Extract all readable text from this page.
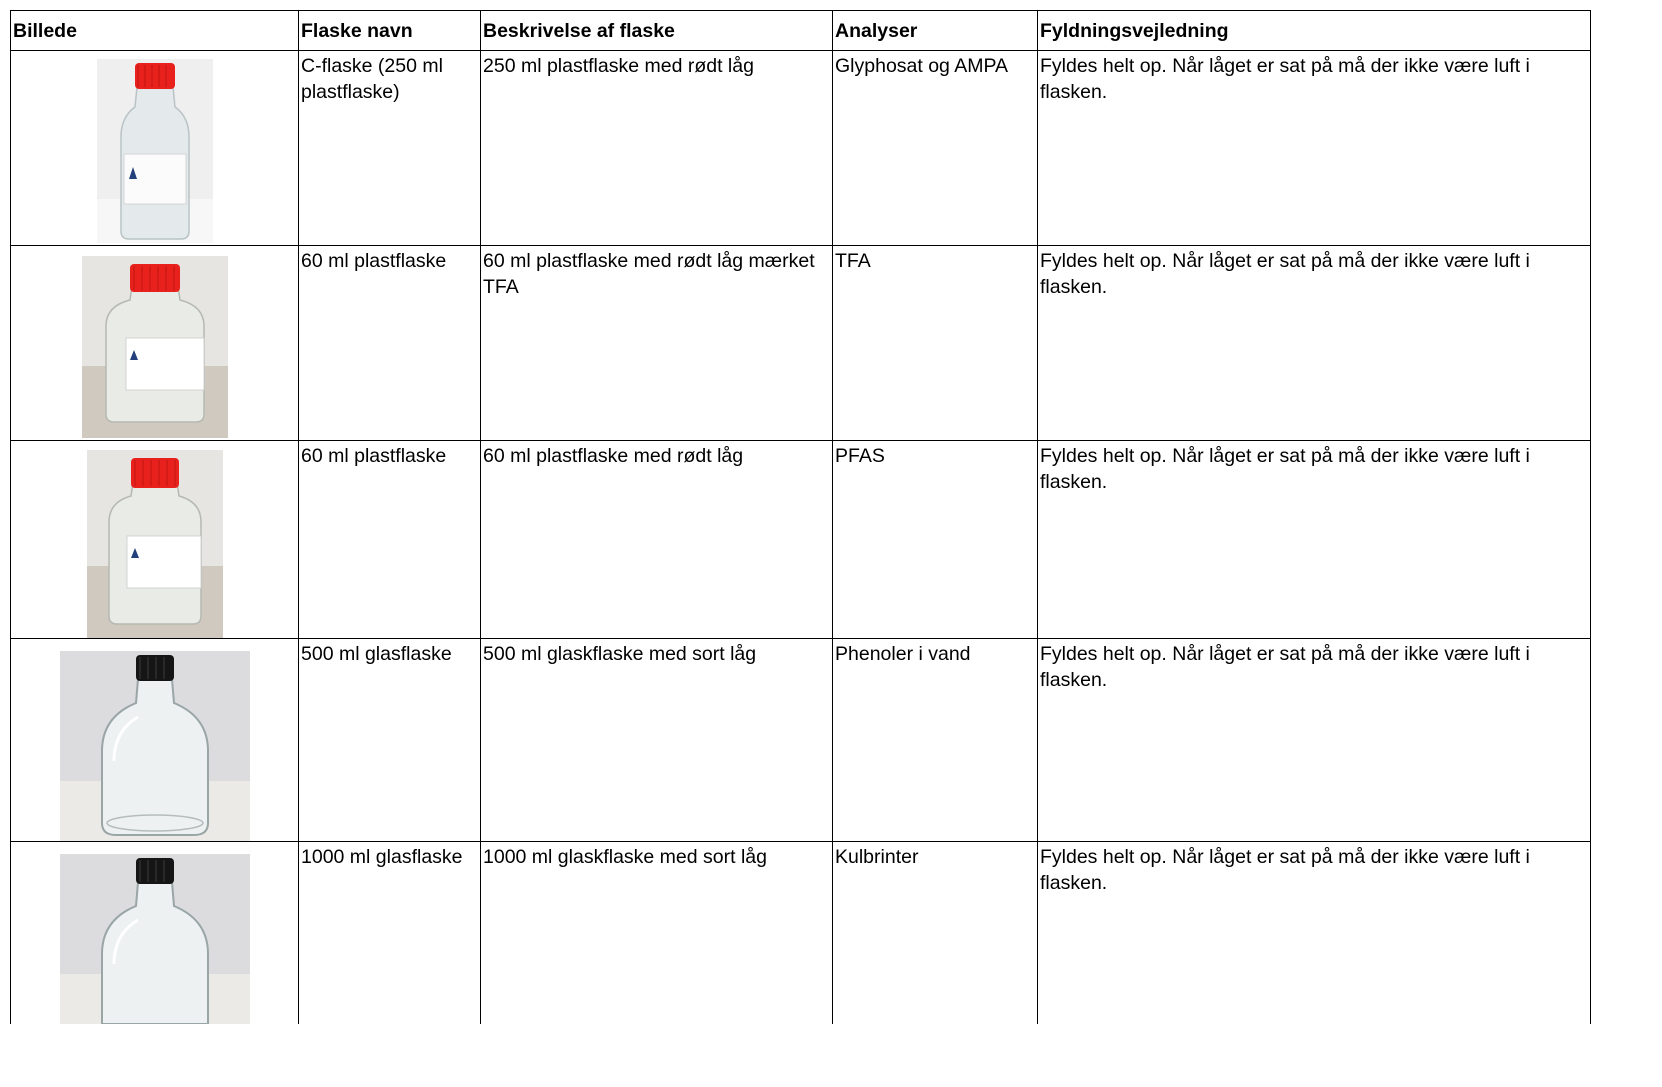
Billede	Flaske navn	Beskrivelse af flaske	Analyser	Fyldningsvejledning

	C-flaske (250 ml plastflaske)	250 ml plastflaske med rødt låg	Glyphosat og AMPA	Fyldes helt op. Når låget er sat på må der ikke være luft i flasken.

	60 ml plastflaske	60 ml plastflaske med rødt låg mærket TFA	TFA	Fyldes helt op. Når låget er sat på må der ikke være luft i flasken.

	60 ml plastflaske	60 ml plastflaske med rødt låg	PFAS	Fyldes helt op. Når låget er sat på må der ikke være luft i flasken.

	500 ml glasflaske	500 ml glaskflaske med sort låg	Phenoler i vand	Fyldes helt op. Når låget er sat på må der ikke være luft i flasken.

	1000 ml glasflaske	1000 ml glaskflaske med sort låg	Kulbrinter	Fyldes helt op. Når låget er sat på må der ikke være luft i flasken.
